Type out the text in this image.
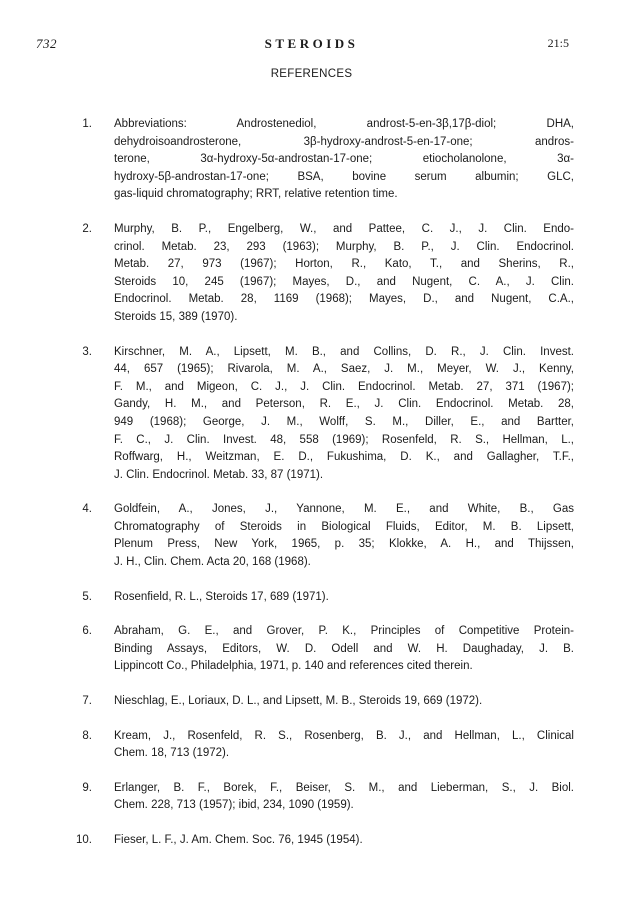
732	STEROIDS	21:5
REFERENCES
1. Abbreviations: Androstenediol, androst-5-en-3β,17β-diol; DHA,
dehydroisoandrosterone, 3β-hydroxy-androst-5-en-17-one; andros-
terone, 3α-hydroxy-5α-androstan-17-one; etiocholanolone, 3α-
hydroxy-5β-androstan-17-one; BSA, bovine serum albumin; GLC,
gas-liquid chromatography; RRT, relative retention time.
2. Murphy, B. P., Engelberg, W., and Pattee, C. J., J. Clin. Endo-
crinol. Metab. 23, 293 (1963); Murphy, B. P., J. Clin. Endocrinol.
Metab. 27, 973 (1967); Horton, R., Kato, T., and Sherins, R.,
Steroids 10, 245 (1967); Mayes, D., and Nugent, C. A., J. Clin.
Endocrinol. Metab. 28, 1169 (1968); Mayes, D., and Nugent, C.A.,
Steroids 15, 389 (1970).
3. Kirschner, M. A., Lipsett, M. B., and Collins, D. R., J. Clin. Invest.
44, 657 (1965); Rivarola, M. A., Saez, J. M., Meyer, W. J., Kenny,
F. M., and Migeon, C. J., J. Clin. Endocrinol. Metab. 27, 371 (1967);
Gandy, H. M., and Peterson, R. E., J. Clin. Endocrinol. Metab. 28,
949 (1968); George, J. M., Wolff, S. M., Diller, E., and Bartter,
F. C., J. Clin. Invest. 48, 558 (1969); Rosenfeld, R. S., Hellman, L.,
Roffwarg, H., Weitzman, E. D., Fukushima, D. K., and Gallagher, T.F.,
J. Clin. Endocrinol. Metab. 33, 87 (1971).
4. Goldfein, A., Jones, J., Yannone, M. E., and White, B., Gas
Chromatography of Steroids in Biological Fluids, Editor, M. B. Lipsett,
Plenum Press, New York, 1965, p. 35; Klokke, A. H., and Thijssen,
J. H., Clin. Chem. Acta 20, 168 (1968).
5. Rosenfield, R. L., Steroids 17, 689 (1971).
6. Abraham, G. E., and Grover, P. K., Principles of Competitive Protein-
Binding Assays, Editors, W. D. Odell and W. H. Daughaday, J. B.
Lippincott Co., Philadelphia, 1971, p. 140 and references cited therein.
7. Nieschlag, E., Loriaux, D. L., and Lipsett, M. B., Steroids 19, 669 (1972).
8. Kream, J., Rosenfeld, R. S., Rosenberg, B. J., and Hellman, L., Clinical
Chem. 18, 713 (1972).
9. Erlanger, B. F., Borek, F., Beiser, S. M., and Lieberman, S., J. Biol.
Chem. 228, 713 (1957); ibid, 234, 1090 (1959).
10. Fieser, L. F., J. Am. Chem. Soc. 76, 1945 (1954).
